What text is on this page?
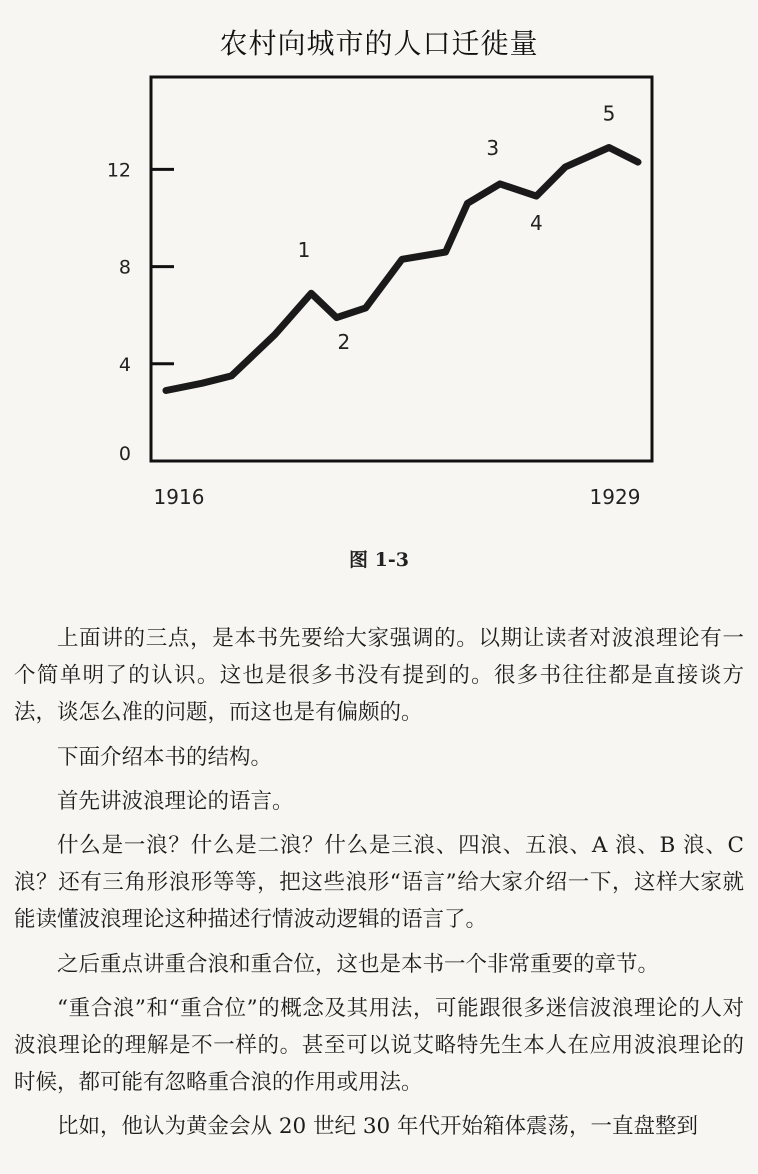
农村向城市的人口迁徙量
0
4
8
12
1916	1929
1
2
3
4
5
图 1-3

上面讲的三点，是本书先要给大家强调的。以期让读者对波浪理论有一个简单明了的认识。这也是很多书没有提到的。很多书往往都是直接谈方法，谈怎么准的问题，而这也是有偏颇的。

下面介绍本书的结构。

首先讲波浪理论的语言。

什么是一浪？什么是二浪？什么是三浪、四浪、五浪、A 浪、B 浪、C 浪？还有三角形浪形等等，把这些浪形“语言”给大家介绍一下，这样大家就能读懂波浪理论这种描述行情波动逻辑的语言了。

之后重点讲重合浪和重合位，这也是本书一个非常重要的章节。

“重合浪”和“重合位”的概念及其用法，可能跟很多迷信波浪理论的人对波浪理论的理解是不一样的。甚至可以说艾略特先生本人在应用波浪理论的时候，都可能有忽略重合浪的作用或用法。

比如，他认为黄金会从 20 世纪 30 年代开始箱体震荡，一直盘整到
